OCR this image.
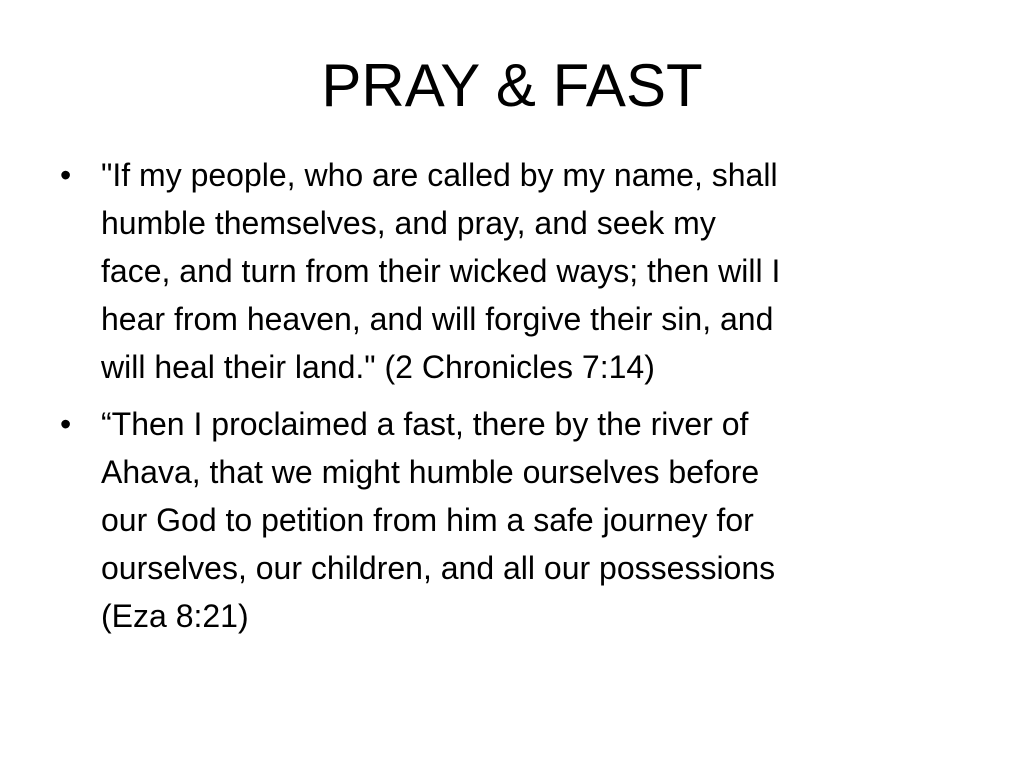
PRAY & FAST
• "If my people, who are called by my name, shall
humble themselves, and pray, and seek my
face, and turn from their wicked ways; then will I
hear from heaven, and will forgive their sin, and
will heal their land." (2 Chronicles 7:14)
• “Then I proclaimed a fast, there by the river of
Ahava, that we might humble ourselves before
our God to petition from him a safe journey for
ourselves, our children, and all our possessions
(Eza 8:21)
